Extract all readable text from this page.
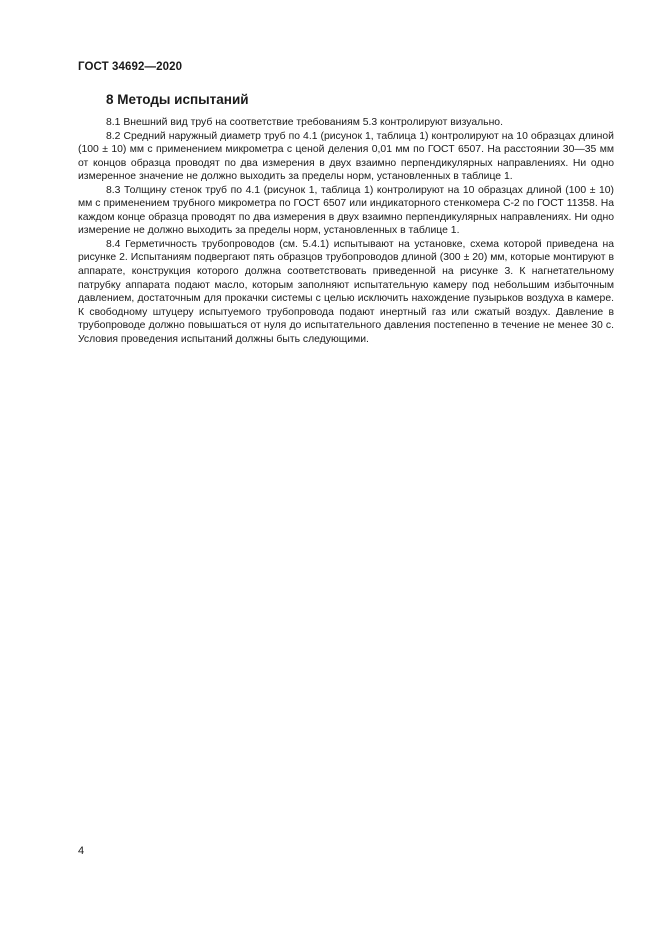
ГОСТ 34692—2020
8 Методы испытаний

8.1 Внешний вид труб на соответствие требованиям 5.3 контролируют визуально.

8.2 Средний наружный диаметр труб по 4.1 (рисунок 1, таблица 1) контролируют на 10 образцах длиной (100 ± 10) мм с применением микрометра с ценой деления 0,01 мм по ГОСТ 6507. На расстоянии 30—35 мм от концов образца проводят по два измерения в двух взаимно перпендикулярных направлениях. Ни одно измеренное значение не должно выходить за пределы норм, установленных в таблице 1.

8.3 Толщину стенок труб по 4.1 (рисунок 1, таблица 1) контролируют на 10 образцах длиной (100 ± 10) мм с применением трубного микрометра по ГОСТ 6507 или индикаторного стенкомера С-2 по ГОСТ 11358. На каждом конце образца проводят по два измерения в двух взаимно перпендикулярных направлениях. Ни одно измерение не должно выходить за пределы норм, установленных в таблице 1.

8.4 Герметичность трубопроводов (см. 5.4.1) испытывают на установке, схема которой приведена на рисунке 2. Испытаниям подвергают пять образцов трубопроводов длиной (300 ± 20) мм, которые монтируют в аппарате, конструкция которого должна соответствовать приведенной на рисунке 3. К нагнетательному патрубку аппарата подают масло, которым заполняют испытательную камеру под небольшим избыточным давлением, достаточным для прокачки системы с целью исключить нахождение пузырьков воздуха в камере. К свободному штуцеру испытуемого трубопровода подают инертный газ или сжатый воздух. Давление в трубопроводе должно повышаться от нуля до испытательного давления постепенно в течение не менее 30 с. Условия проведения испытаний должны быть следующими.

4
